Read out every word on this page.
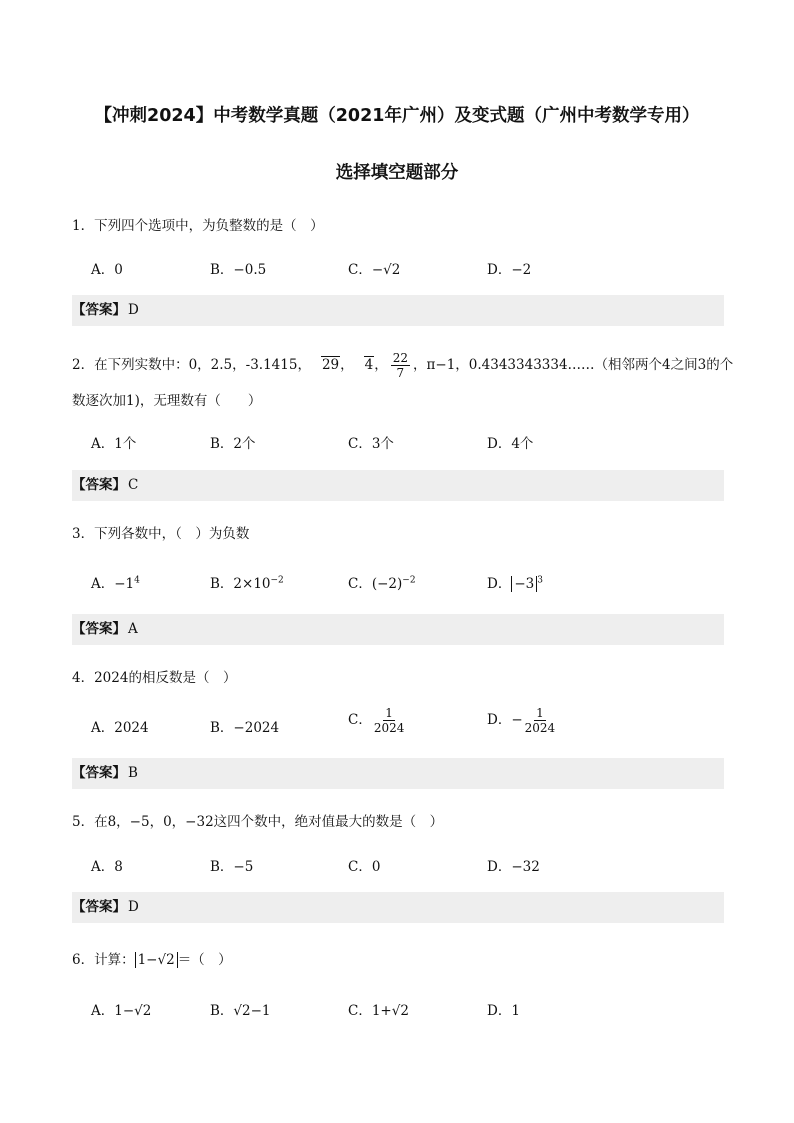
【冲刺2024】中考数学真题（2021年广州）及变式题（广州中考数学专用）
选择填空题部分
1．下列四个选项中，为负整数的是（　）
A．0	B．−0.5	C．−√2	D．−2
【答案】 D
2．在下列实数中：0，2.5，-3.1415， 29， 4， $\frac{22}{7}$ ，π−1，0.4343343334……（相邻两个4之间3的个
数逐次加1)，无理数有（　　）
A．1个	B．2个	C．3个	D．4个
【答案】 C
3．下列各数中，（　）为负数
A．$-1^4$	B．$2\times 10^{-2}$	C．$(-2)^{-2}$	D． −3 $^3$
【答案】 A
4．2024的相反数是（　）
A．2024	B．−2024	C． $\frac{1}{2024}$	D．− $\frac{1}{2024}$
【答案】 B
5．在8，−5，0，−32这四个数中，绝对值最大的数是（　）
A．8	B．−5	C．0	D．−32
【答案】 D
6．计算： 1−√2 ＝（　）
A．1−√2	B．√2−1	C．1+√2	D．1
